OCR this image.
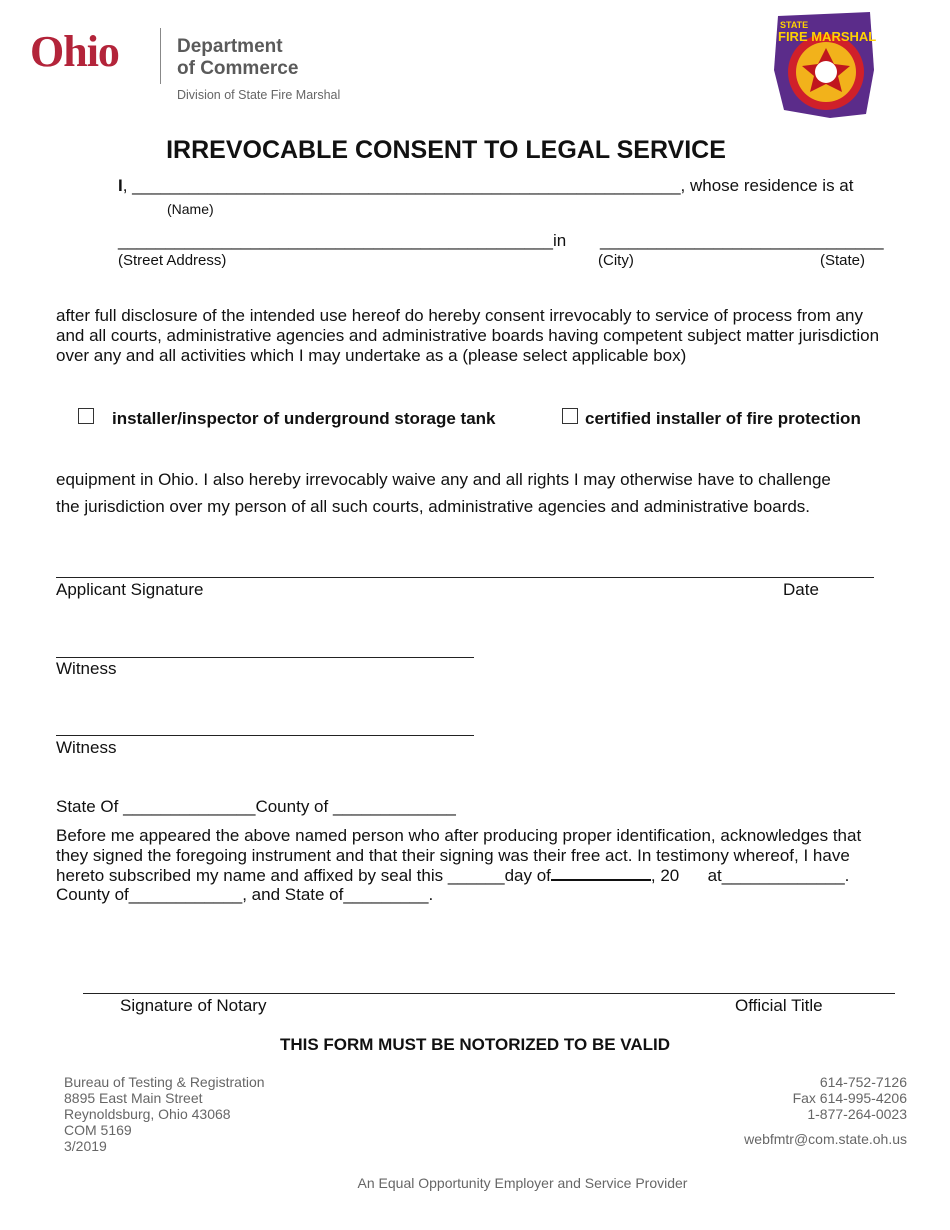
Ohio	Department
of Commerce
Division of State Fire Marshal
STATE
FIRE MARSHAL
IRREVOCABLE CONSENT TO LEGAL SERVICE
I, __________________________________________________________, whose residence is at
(Name)
______________________________________________ in ______________________________
(Street Address)	(City)	(State)
after full disclosure of the intended use hereof do hereby consent irrevocably to service of process from any
and all courts, administrative agencies and administrative boards having competent subject matter jurisdiction
over any and all activities which I may undertake as a (please select applicable box)
installer/inspector of underground storage tank	certified installer of fire protection
equipment in Ohio. I also hereby irrevocably waive any and all rights I may otherwise have to challenge
the jurisdiction over my person of all such courts, administrative agencies and administrative boards.
Applicant Signature	Date
Witness
Witness
State Of ______________County of _____________
Before me appeared the above named person who after producing proper identification, acknowledges that
they signed the foregoing instrument and that their signing was their free act. In testimony whereof, I have
hereto subscribed my name and affixed by seal this ______day of	, 20      at_____________.
County of____________, and State of_________.
Signature of Notary	Official Title
THIS FORM MUST BE NOTORIZED TO BE VALID
Bureau of Testing & Registration
8895 East Main Street
Reynoldsburg, Ohio 43068
COM 5169
3/2019
614-752-7126
Fax 614-995-4206
1-877-264-0023
webfmtr@com.state.oh.us
An Equal Opportunity Employer and Service Provider
